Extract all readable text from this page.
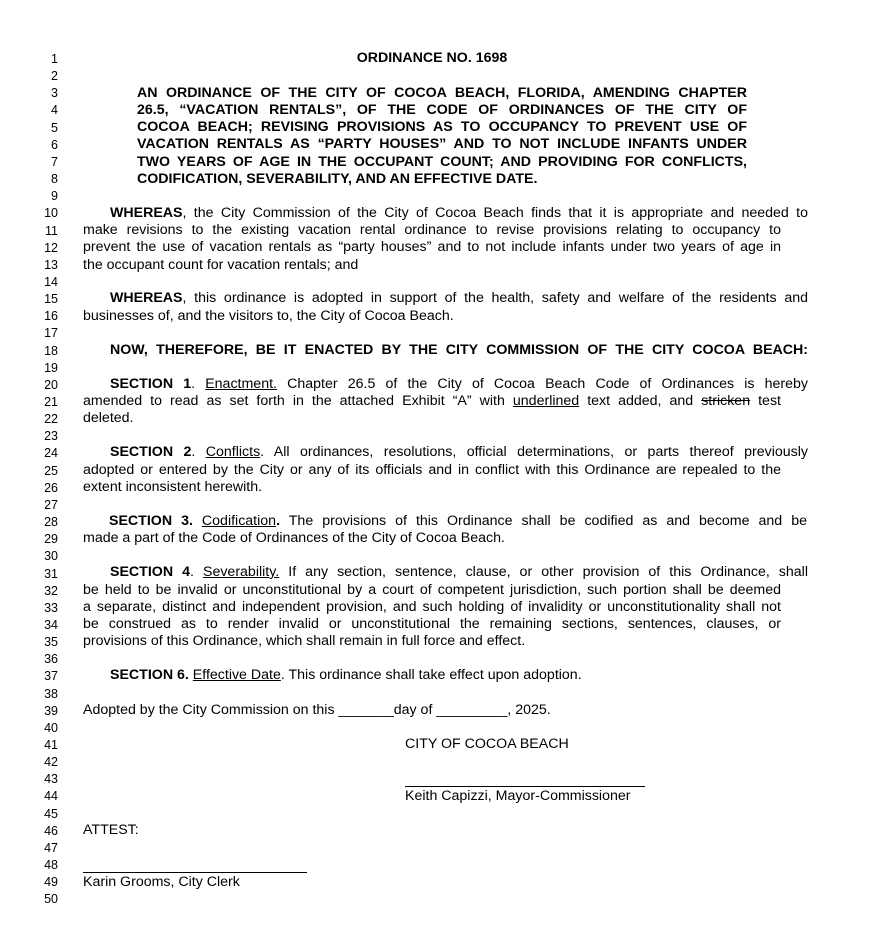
1
2
3
4
5
6
7
8
9
10
11
12
13
14
15
16
17
18
19
20
21
22
23
24
25
26
27
28
29
30
31
32
33
34
35
36
37
38
39
40
41
42
43
44
45
46
47
48
49
50
ORDINANCE NO. 1698
AN ORDINANCE OF THE CITY OF COCOA BEACH, FLORIDA, AMENDING CHAPTER
26.5, “VACATION RENTALS”, OF THE CODE OF ORDINANCES OF THE CITY OF
COCOA BEACH; REVISING PROVISIONS AS TO OCCUPANCY TO PREVENT USE OF
VACATION RENTALS AS “PARTY HOUSES” AND TO NOT INCLUDE INFANTS UNDER
TWO YEARS OF AGE IN THE OCCUPANT COUNT; AND PROVIDING FOR CONFLICTS,
CODIFICATION, SEVERABILITY, AND AN EFFECTIVE DATE.
WHEREAS, the City Commission of the City of Cocoa Beach finds that it is appropriate and needed to
make revisions to the existing vacation rental ordinance to revise provisions relating to occupancy to
prevent the use of vacation rentals as “party houses” and to not include infants under two years of age in
the occupant count for vacation rentals; and
WHEREAS, this ordinance is adopted in support of the health, safety and welfare of the residents and
businesses of, and the visitors to, the City of Cocoa Beach.
NOW, THEREFORE, BE IT ENACTED BY THE CITY COMMISSION OF THE CITY COCOA BEACH:
SECTION 1. Enactment. Chapter 26.5 of the City of Cocoa Beach Code of Ordinances is hereby
amended to read as set forth in the attached Exhibit “A” with underlined text added, and stricken test
deleted.
SECTION 2. Conflicts. All ordinances, resolutions, official determinations, or parts thereof previously
adopted or entered by the City or any of its officials and in conflict with this Ordinance are repealed to the
extent inconsistent herewith.
SECTION 3. Codification. The provisions of this Ordinance shall be codified as and become and be
made a part of the Code of Ordinances of the City of Cocoa Beach.
SECTION 4. Severability. If any section, sentence, clause, or other provision of this Ordinance, shall
be held to be invalid or unconstitutional by a court of competent jurisdiction, such portion shall be deemed
a separate, distinct and independent provision, and such holding of invalidity or unconstitutionality shall not
be construed as to render invalid or unconstitutional the remaining sections, sentences, clauses, or
provisions of this Ordinance, which shall remain in full force and effect.
SECTION 6. Effective Date. This ordinance shall take effect upon adoption.
Adopted by the City Commission on this _______day of _________, 2025.
CITY OF COCOA BEACH
Keith Capizzi, Mayor-Commissioner
ATTEST:
Karin Grooms, City Clerk
